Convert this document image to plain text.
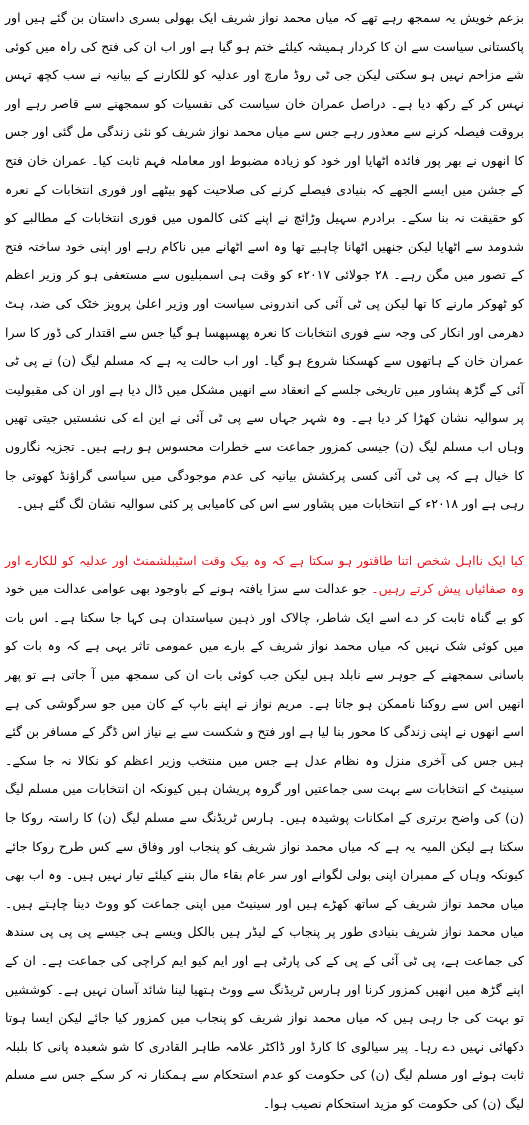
بزعم خویش یہ سمجھ رہے تھے کہ میاں محمد نواز شریف ایک بھولی بسری داستان بن گئے ہیں اور پاکستانی سیاست سے ان کا کردار ہمیشہ کیلئے ختم ہو گیا ہے اور اب ان کی فتح کی راہ میں کوئی شے مزاحم نہیں ہو سکتی لیکن جی ٹی روڈ مارچ اور عدلیہ کو للکارنے کے بیانیہ نے سب کچھ تہس نہس کر کے رکھ دیا ہے۔ دراصل عمران خان سیاست کی نفسیات کو سمجھنے سے قاصر رہے اور بروقت فیصلہ کرنے سے معذور رہے جس سے میاں محمد نواز شریف کو نئی زندگی مل گئی اور جس کا انھوں نے بھر پور فائدہ اٹھایا اور خود کو زیادہ مضبوط اور معاملہ فہم ثابت کیا۔ عمران خان فتح کے جشن میں ایسے الجھے کہ بنیادی فیصلے کرنے کی صلاحیت کھو بیٹھے اور فوری انتخابات کے نعرہ کو حقیقت نہ بنا سکے۔ برادرم سہیل وڑائچ نے اپنے کئی کالموں میں فوری انتخابات کے مطالبے کو شدومد سے اٹھایا لیکن جنھیں اٹھانا چاہیے تھا وہ اسے اٹھانے میں ناکام رہے اور اپنی خود ساختہ فتح کے تصور میں مگن رہے۔ ۲۸ جولائی ۲۰۱۷ء کو وقت ہی اسمبلیوں سے مستعفی ہو کر وزیر اعظم کو ٹھوکر مارنے کا تھا لیکن پی ٹی آئی کی اندرونی سیاست اور وزیر اعلیٰ پرویز خٹک کی ضد، ہٹ دھرمی اور انکار کی وجہ سے فوری انتخابات کا نعرہ پھسپھسا ہو گیا جس سے اقتدار کی ڈور کا سرا عمران خان کے ہاتھوں سے کھسکنا شروع ہو گیا۔ اور اب حالت یہ ہے کہ مسلم لیگ (ن) نے پی ٹی آئی کے گڑھ پشاور میں تاریخی جلسے کے انعقاد سے انھیں مشکل میں ڈال دیا ہے اور ان کی مقبولیت پر سوالیہ نشان کھڑا کر دیا ہے۔ وہ شہر جہاں سے پی ٹی آئی نے این اے کی نشستیں جیتی تھیں وہاں اب مسلم لیگ (ن) جیسی کمزور جماعت سے خطرات محسوس ہو رہے ہیں۔ تجزیہ نگاروں کا خیال ہے کہ پی ٹی آئی کسی پرکشش بیانیہ کی عدم موجودگی میں سیاسی گراؤنڈ کھوتی جا رہی ہے اور ۲۰۱۸ء کے انتخابات میں پشاور سے اس کی کامیابی پر کئی سوالیہ نشان لگ گئے ہیں۔

کیا ایک نااہل شخص اتنا طاقتور ہو سکتا ہے کہ وہ بیک وقت اسٹیبلشمنٹ اور عدلیہ کو للکارے اور وہ صفائیاں پیش کرتے رہیں۔ جو عدالت سے سزا یافتہ ہونے کے باوجود بھی عوامی عدالت میں خود کو بے گناہ ثابت کر دے اسے ایک شاطر، چالاک اور ذہین سیاستدان ہی کہا جا سکتا ہے۔ اس بات میں کوئی شک نہیں کہ میاں محمد نواز شریف کے بارے میں عمومی تاثر یہی ہے کہ وہ بات کو باسانی سمجھنے کے جوہر سے نابلد ہیں لیکن جب کوئی بات ان کی سمجھ میں آ جاتی ہے تو پھر انھیں اس سے روکنا ناممکن ہو جاتا ہے۔ مریم نواز نے اپنے باپ کے کان میں جو سرگوشی کی ہے اسے انھوں نے اپنی زندگی کا محور بنا لیا ہے اور فتح و شکست سے بے نیاز اس ڈگر کے مسافر بن گئے ہیں جس کی آخری منزل وہ نظام عدل ہے جس میں منتخب وزیر اعظم کو نکالا نہ جا سکے۔ سینیٹ کے انتخابات سے بہت سی جماعتیں اور گروہ پریشان ہیں کیونکہ ان انتخابات میں مسلم لیگ (ن) کی واضح برتری کے امکانات پوشیدہ ہیں۔ ہارس ٹریڈنگ سے مسلم لیگ (ن) کا راستہ روکا جا سکتا ہے لیکن المیہ یہ ہے کہ میاں محمد نواز شریف کو پنجاب اور وفاق سے کس طرح روکا جائے کیونکہ وہاں کے ممبران اپنی بولی لگوانے اور سر عام بقاء مال بننے کیلئے تیار نہیں ہیں۔ وہ اب بھی میاں محمد نواز شریف کے ساتھ کھڑے ہیں اور سینیٹ میں اپنی جماعت کو ووٹ دینا چاہتے ہیں۔ میاں محمد نواز شریف بنیادی طور پر پنجاب کے لیڈر ہیں بالکل ویسے ہی جیسے پی پی پی سندھ کی جماعت ہے، پی ٹی آئی کے پی کے کی پارٹی ہے اور ایم کیو ایم کراچی کی جماعت ہے۔ ان کے اپنے گڑھ میں انھیں کمزور کرنا اور ہارس ٹریڈنگ سے ووٹ ہتھیا لینا شائد آسان نہیں ہے۔ کوششیں تو بہت کی جا رہی ہیں کہ میاں محمد نواز شریف کو پنجاب میں کمزور کیا جائے لیکن ایسا ہوتا دکھائی نہیں دے رہا۔ پیر سیالوی کا کارڈ اور ڈاکٹر علامہ طاہر القادری کا شو شعبدہ پانی کا بلبلہ ثابت ہوئے اور مسلم لیگ (ن) کی حکومت کو عدم استحکام سے ہمکنار نہ کر سکے جس سے مسلم لیگ (ن) کی حکومت کو مزید استحکام نصیب ہوا۔
